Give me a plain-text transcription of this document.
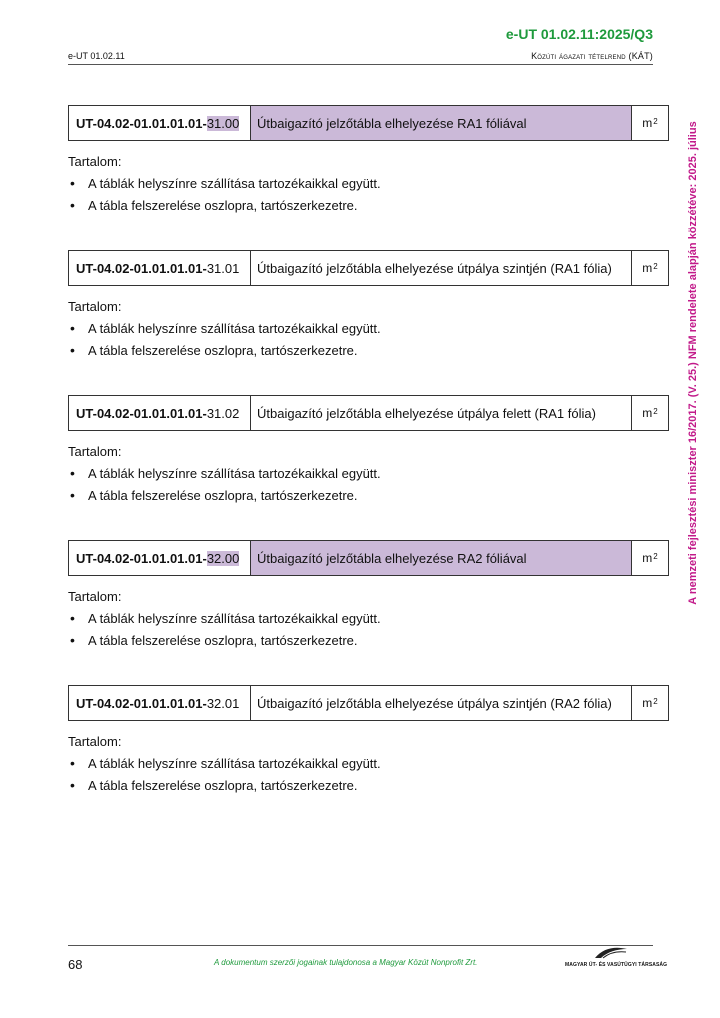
e-UT 01.02.11:2025/Q3
e-UT 01.02.11	Közúti ágazati tételrend (KÁT)
A nemzeti fejlesztési miniszter 16/2017. (V. 25.) NFM rendelete alapján közzétéve: 2025. július
UT-04.02-01.01.01.01- 31.00	Útbaigazító jelzőtábla elhelyezése RA1 fóliával	$m^2$
Tartalom:
• A táblák helyszínre szállítása tartozékaikkal együtt.
• A tábla felszerelése oszlopra, tartószerkezetre.
UT-04.02-01.01.01.01- 31.01	Útbaigazító jelzőtábla elhelyezése útpálya szintjén (RA1 fólia)	$m^2$
Tartalom:
• A táblák helyszínre szállítása tartozékaikkal együtt.
• A tábla felszerelése oszlopra, tartószerkezetre.
UT-04.02-01.01.01.01- 31.02	Útbaigazító jelzőtábla elhelyezése útpálya felett (RA1 fólia)	$m^2$
Tartalom:
• A táblák helyszínre szállítása tartozékaikkal együtt.
• A tábla felszerelése oszlopra, tartószerkezetre.
UT-04.02-01.01.01.01- 32.00	Útbaigazító jelzőtábla elhelyezése RA2 fóliával	$m^2$
Tartalom:
• A táblák helyszínre szállítása tartozékaikkal együtt.
• A tábla felszerelése oszlopra, tartószerkezetre.
UT-04.02-01.01.01.01- 32.01	Útbaigazító jelzőtábla elhelyezése útpálya szintjén (RA2 fólia)	$m^2$
Tartalom:
• A táblák helyszínre szállítása tartozékaikkal együtt.
• A tábla felszerelése oszlopra, tartószerkezetre.
68	A dokumentum szerzői jogainak tulajdonosa a Magyar Közút Nonprofit Zrt.	MAGYAR ÚT- ÉS VASÚTÜGYI TÁRSASÁG
